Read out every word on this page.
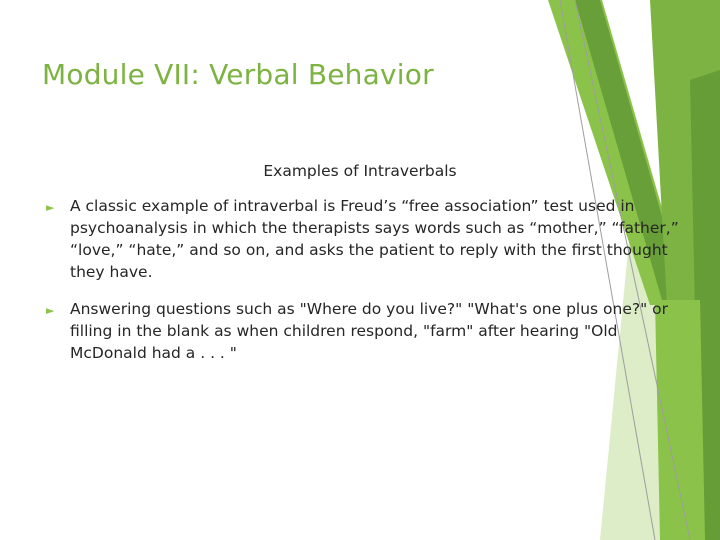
Module VII: Verbal Behavior
Examples of Intraverbals
► A classic example of intraverbal is Freud’s “free association” test used in psychoanalysis in which the therapists says words such as “mother,” “father,” “love,” “hate,” and so on, and asks the patient to reply with the first thought they have.
► Answering questions such as "Where do you live?" "What's one plus one?" or filling in the blank as when children respond, "farm" after hearing "Old McDonald had a . . . "
